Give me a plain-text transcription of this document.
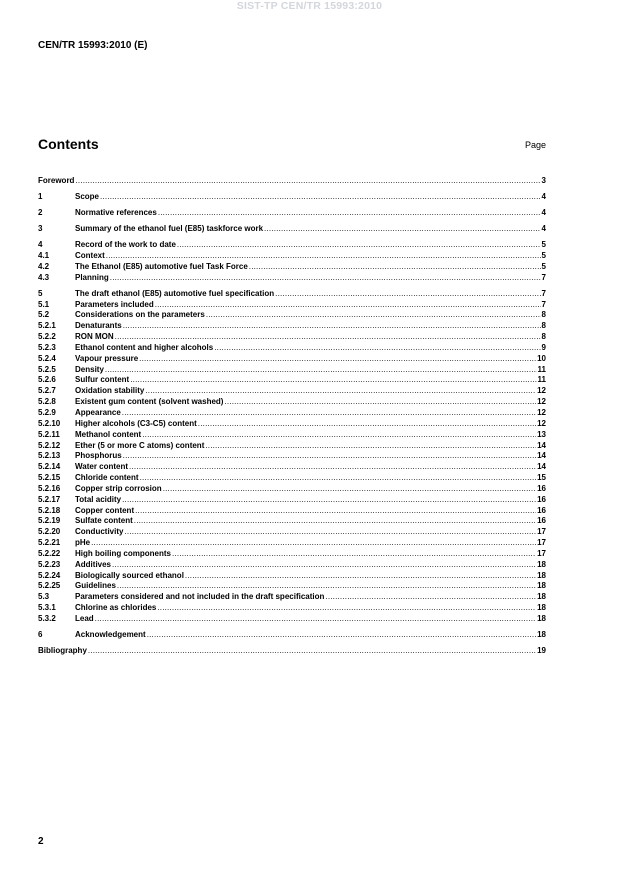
SIST-TP CEN/TR 15993:2010
CEN/TR 15993:2010 (E)
Contents	Page
Foreword .....	3
1	Scope .....	4
2	Normative references .....	4
3	Summary of the ethanol fuel (E85) taskforce work .....	4
4	Record of the work to date .....	5
4.1	Context .....	5
4.2	The Ethanol (E85) automotive fuel Task Force .....	5
4.3	Planning .....	7
5	The draft ethanol (E85) automotive fuel specification .....	7
5.1	Parameters included .....	7
5.2	Considerations on the parameters .....	8
5.2.1 Denaturants .....	8
5.2.2 RON MON .....	8
5.2.3 Ethanol content and higher alcohols .....	9
5.2.4 Vapour pressure .....	10
5.2.5 Density .....	11
5.2.6 Sulfur content .....	11
5.2.7 Oxidation stability .....	12
5.2.8 Existent gum content (solvent washed) .....	12
5.2.9 Appearance .....	12
5.2.10 Higher alcohols (C3-C5) content .....	12
5.2.11 Methanol content .....	13
5.2.12 Ether (5 or more C atoms) content .....	14
5.2.13 Phosphorus .....	14
5.2.14 Water content .....	14
5.2.15 Chloride content .....	15
5.2.16 Copper strip corrosion .....	16
5.2.17 Total acidity .....	16
5.2.18 Copper content .....	16
5.2.19 Sulfate content .....	16
5.2.20 Conductivity .....	17
5.2.21 pHe .....	17
5.2.22 High boiling components .....	17
5.2.23 Additives .....	18
5.2.24 Biologically sourced ethanol .....	18
5.2.25 Guidelines .....	18
5.3	Parameters considered and not included in the draft specification .....	18
5.3.1 Chlorine as chlorides .....	18
5.3.2 Lead .....	18
6	Acknowledgement .....	18
Bibliography .....	19
2
